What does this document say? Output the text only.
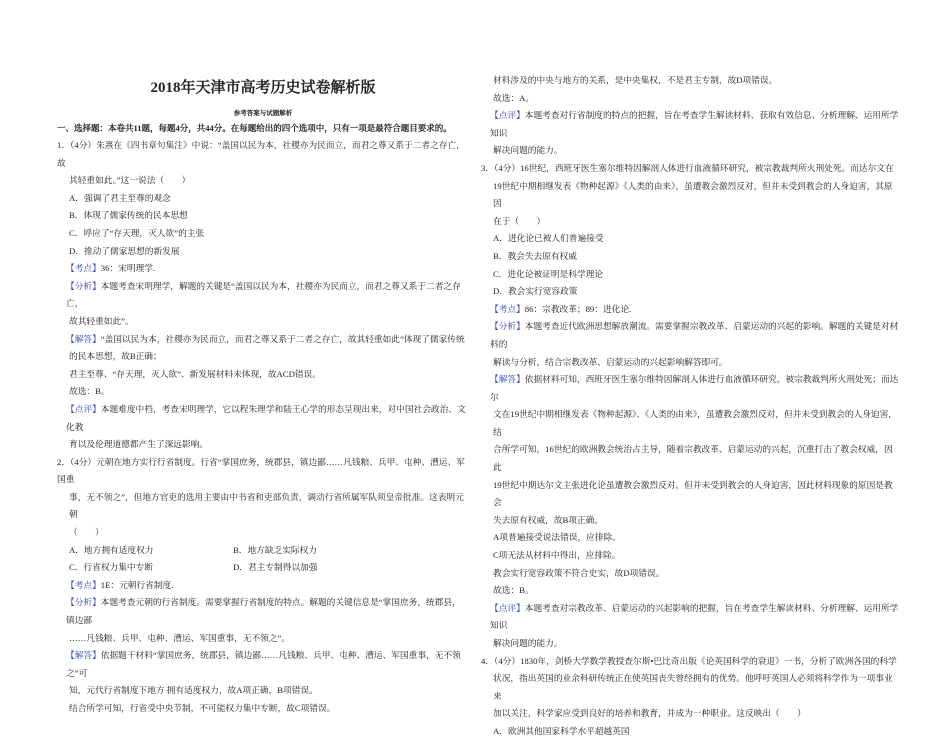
2018年天津市高考历史试卷解析版
参考答案与试题解析
一、选择题：本卷共11题，每题4分，共44分。在每题给出的四个选项中，只有一项是最符合题目要求的。
1．（4分）朱熹在《四书章句集注》中说：“盖国以民为本，社稷亦为民而立，而君之尊又系于二者之存亡，故
其轻重如此。”这一说法（　　）
A．强调了君主至尊的观念
B．体现了儒家传统的民本思想
C．呼应了“存天理，灭人欲”的主张
D．推动了儒家思想的新发展
【考点】36：宋明理学.
【分析】本题考查宋明理学，解题的关键是“盖国以民为本，社稷亦为民而立，而君之尊又系于二者之存亡，
故其轻重如此”。
【解答】“盖国以民为本，社稷亦为民而立，而君之尊又系于二者之存亡，故其轻重如此”体现了儒家传统
的民本思想，故B正确；
君主至尊、“存天理，灭人欲”、新发展材料未体现，故ACD错误。
故选：B。
【点评】本题难度中档，考查宋明理学，它以程朱理学和陆王心学的形态呈现出来，对中国社会政治、文化教
育以及伦理道德都产生了深远影响。
2．（4分）元朝在地方实行行省制度。行省“掌国庶务，统郡县，镇边鄙……凡钱粮、兵甲、屯种、漕运、军国重
事，无不领之”，但地方官吏的选用主要由中书省和吏部负责，调动行省所属军队须皇帝批准。这表明元朝
（　　）
A．地方拥有适度权力	B．地方缺乏实际权力
C．行省权力集中专断	D．君主专制得以加强
【考点】1E：元朝行省制度.
【分析】本题考查元朝的行省制度。需要掌握行省制度的特点。解题的关键信息是“掌国庶务，统郡县，镇边鄙
……凡钱粮、兵甲、屯种、漕运、军国重事，无不领之”。
【解答】依据题干材料“掌国庶务，统郡县，镇边鄙……凡钱粮、兵甲、屯种、漕运、军国重事，无不领之”可
知，元代行省制度下地方 拥有适度权力，故A项正确，B项错误。
结合所学可知，行省受中央节制，不可能权力集中专断，故C项错误。
材料涉及的中央与地方的关系，是中央集权，不是君主专制，故D项错误。
故选：A。
【点评】本题考查对行省制度的特点的把握，旨在考查学生解读材料、获取有效信息、分析理解、运用所学知识
解决问题的能力。
3．（4分）16世纪，西班牙医生塞尔维特因解剖人体进行血液循环研究，被宗教裁判所火刑处死。而达尔文在
19世纪中期相继发表《物种起源》《人类的由来》，虽遭教会激烈反对，但并未受到教会的人身迫害，其原因
在于（　　）
A．进化论已被人们普遍接受
B．教会失去原有权威
C．进化论被证明是科学理论
D．教会实行宽容政策
【考点】86：宗教改革；89：进化论.
【分析】本题考查近代欧洲思想解放潮流。需要掌握宗教改革、启蒙运动的兴起的影响。解题的关键是对材料的
解读与分析，结合宗教改革、启蒙运动的兴起影响解答即可。
【解答】依据材料可知，西班牙医生塞尔维特因解剖人体进行血液循环研究，被宗教裁判所火刑处死；而达尔
文在19世纪中期相继发表《物种起源》、《人类的由来》，虽遭教会激烈反对，但并未受到教会的人身迫害，结
合所学可知，16世纪的欧洲教会统治占主导，随着宗教改革、启蒙运动的兴起，沉重打击了教会权威，因此
19世纪中期达尔文主张进化论虽遭教会激烈反对，但并未受到教会的人身迫害，因此材料现象的原因是教会
失去原有权威，故B项正确。
A项普遍接受说法错误，应排除。
C项无法从材料中得出，应排除。
教会实行宽容政策不符合史实，故D项错误。
故选：B。
【点评】本题考查对宗教改革、启蒙运动的兴起影响的把握，旨在考查学生解读材料、分析理解、运用所学知识
解决问题的能力。
4．（4分）1830年，剑桥大学数学教授查尔斯•巴比奇出版《论英国科学的衰退》一书，分析了欧洲各国的科学
状况，指出英国的业余科研传统正在使英国丧失曾经拥有的优势。他呼吁英国人必须将科学作为一项事业来
加以关注，科学家应受到良好的培养和教育，并成为一种职业。这反映出（　　）
A．欧洲其他国家科学水平超越英国
